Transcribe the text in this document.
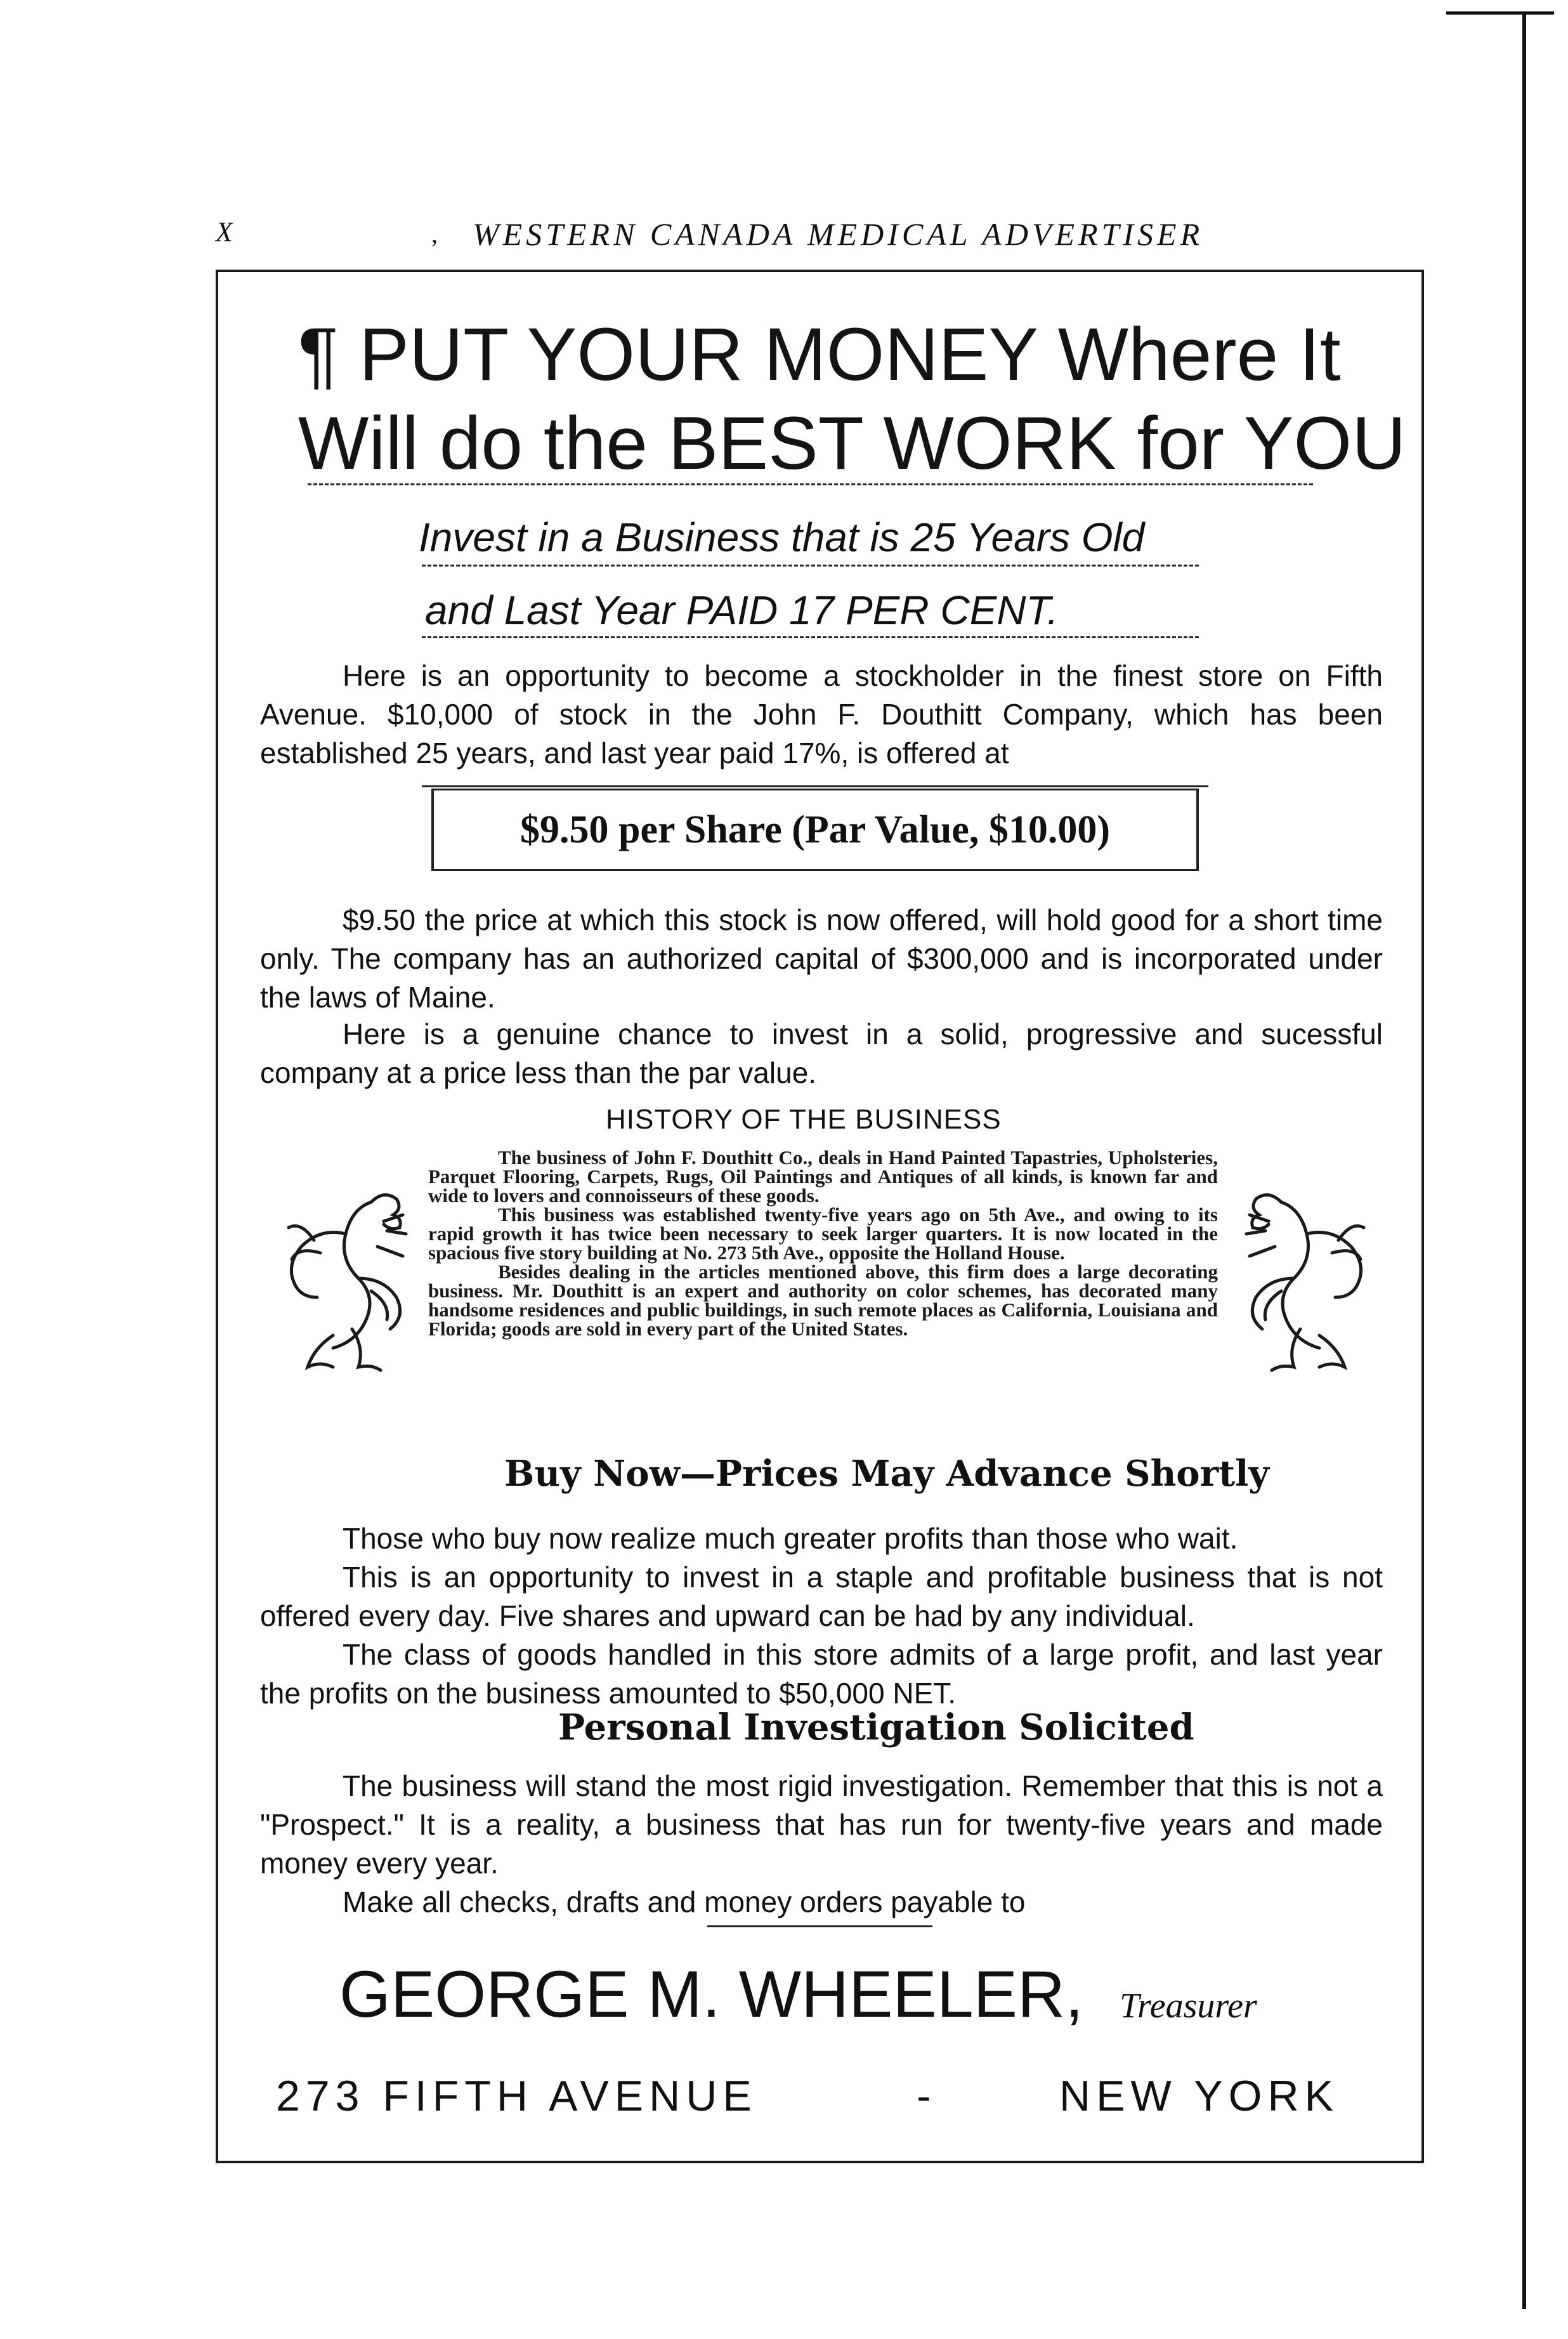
X	, WESTERN CANADA MEDICAL ADVERTISER
¶ PUT YOUR MONEY Where It
Will do the BEST WORK for YOU
Invest in a Business that is 25 Years Old
and Last Year PAID 17 PER CENT.
Here is an opportunity to become a stockholder in the finest store on Fifth Avenue. $10,000 of stock in the John F. Douthitt Company, which has been established 25 years, and last year paid 17%, is offered at
$9.50 per Share (Par Value, $10.00)
$9.50 the price at which this stock is now offered, will hold good for a short time only. The company has an authorized capital of $300,000 and is incorporated under the laws of Maine.
Here is a genuine chance to invest in a solid, progressive and sucessful company at a price less than the par value.
HISTORY OF THE BUSINESS

The business of John F. Douthitt Co., deals in Hand Painted Tapastries, Upholsteries, Parquet Flooring, Carpets, Rugs, Oil Paintings and Antiques of all kinds, is known far and wide to lovers and connoisseurs of these goods.

This business was established twenty-five years ago on 5th Ave., and owing to its rapid growth it has twice been necessary to seek larger quarters. It is now located in the spacious five story building at No. 273 5th Ave., opposite the Holland House.

Besides dealing in the articles mentioned above, this firm does a large decorating business. Mr. Douthitt is an expert and authority on color schemes, has decorated many handsome residences and public buildings, in such remote places as California, Louisiana and Florida; goods are sold in every part of the United States.

Buy Now—Prices May Advance Shortly
Those who buy now realize much greater profits than those who wait.
This is an opportunity to invest in a staple and profitable business that is not offered every day. Five shares and upward can be had by any individual.
The class of goods handled in this store admits of a large profit, and last year the profits on the business amounted to $50,000 NET.
Personal Investigation Solicited
The business will stand the most rigid investigation. Remember that this is not a "Prospect." It is a reality, a business that has run for twenty-five years and made money every year.
Make all checks, drafts and money orders payable to
GEORGE M. WHEELER, Treasurer
273 FIFTH AVENUE	-	NEW YORK
